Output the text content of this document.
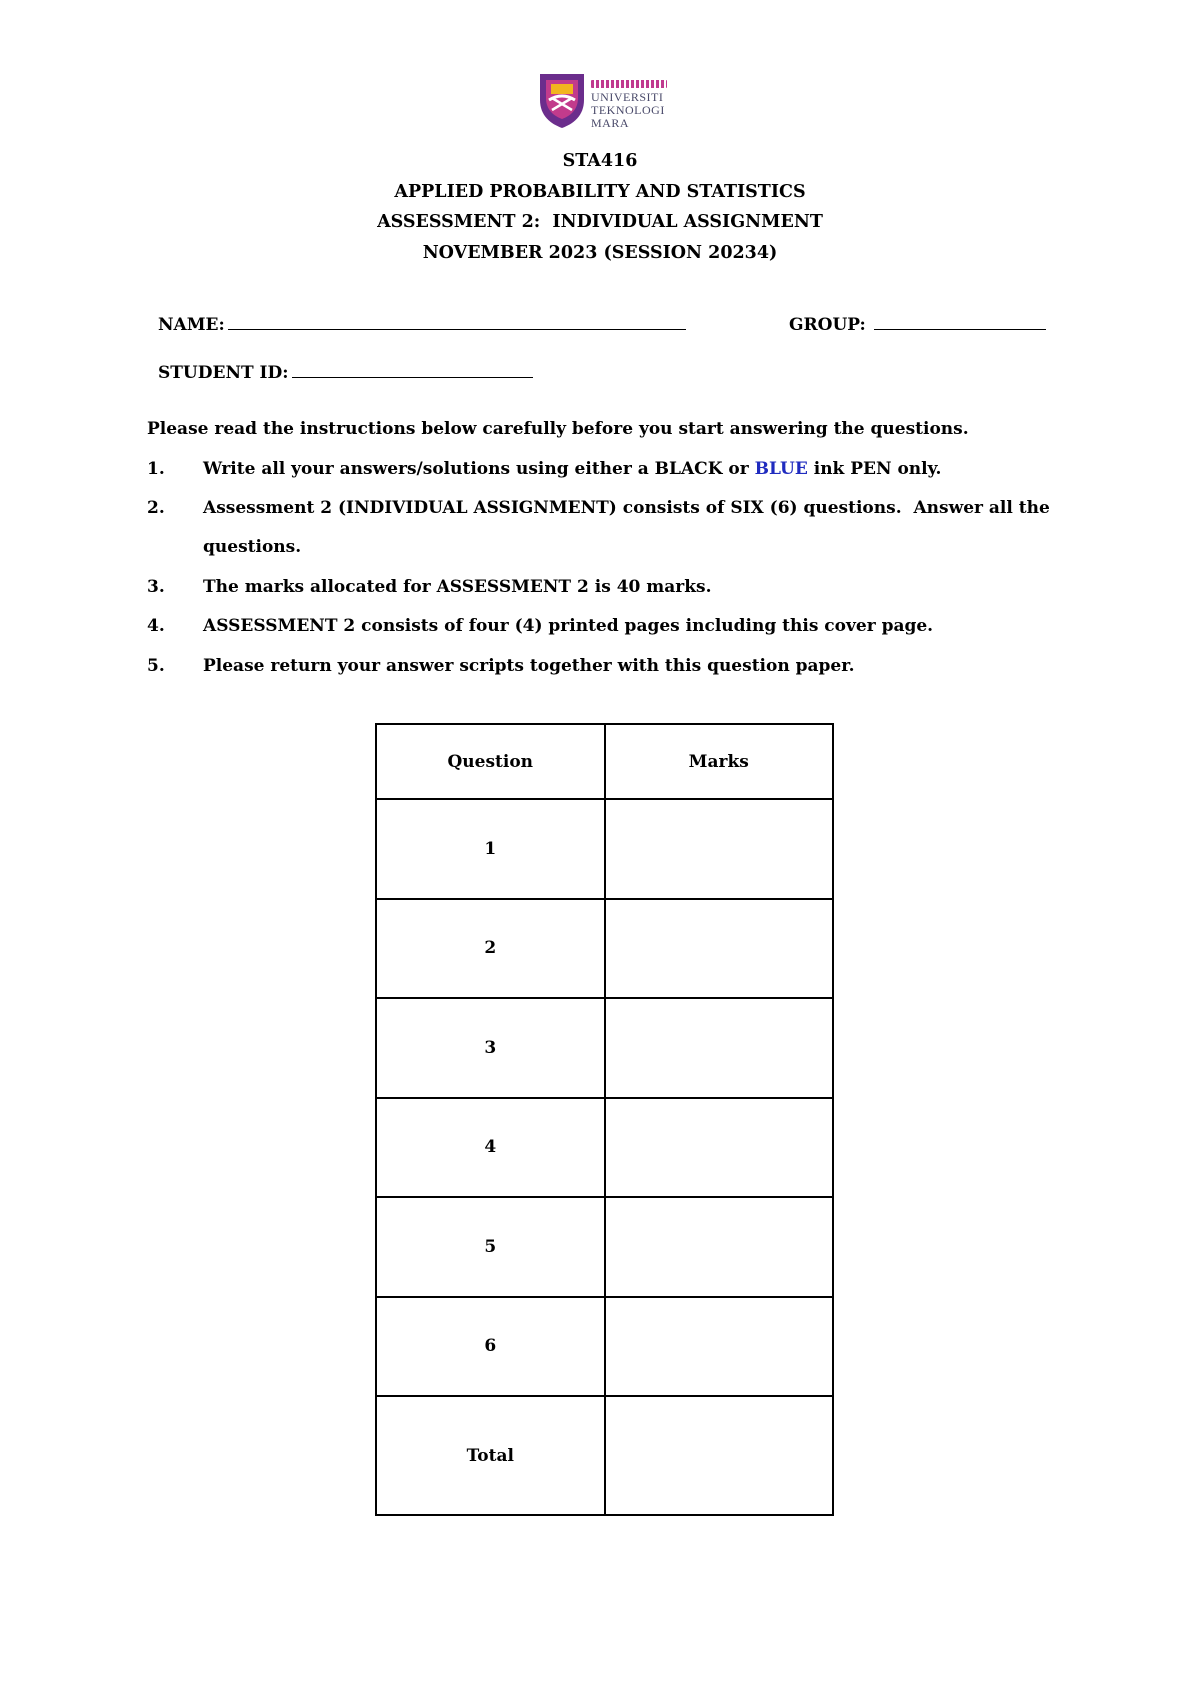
UNIVERSITI
TEKNOLOGI
MARA
STA416
APPLIED PROBABILITY AND STATISTICS
ASSESSMENT 2:  INDIVIDUAL ASSIGNMENT
NOVEMBER 2023 (SESSION 20234)
NAME:	GROUP:
STUDENT ID:
Please read the instructions below carefully before you start answering the questions.
1.	Write all your answers/solutions using either a BLACK or BLUE ink PEN only.
2.	Assessment 2 (INDIVIDUAL ASSIGNMENT) consists of SIX (6) questions.  Answer all the
questions.
3.	The marks allocated for ASSESSMENT 2 is 40 marks.
4.	ASSESSMENT 2 consists of four (4) printed pages including this cover page.
5.	Please return your answer scripts together with this question paper.
Question	Marks
1	
2	
3	
4	
5	
6	
Total	
